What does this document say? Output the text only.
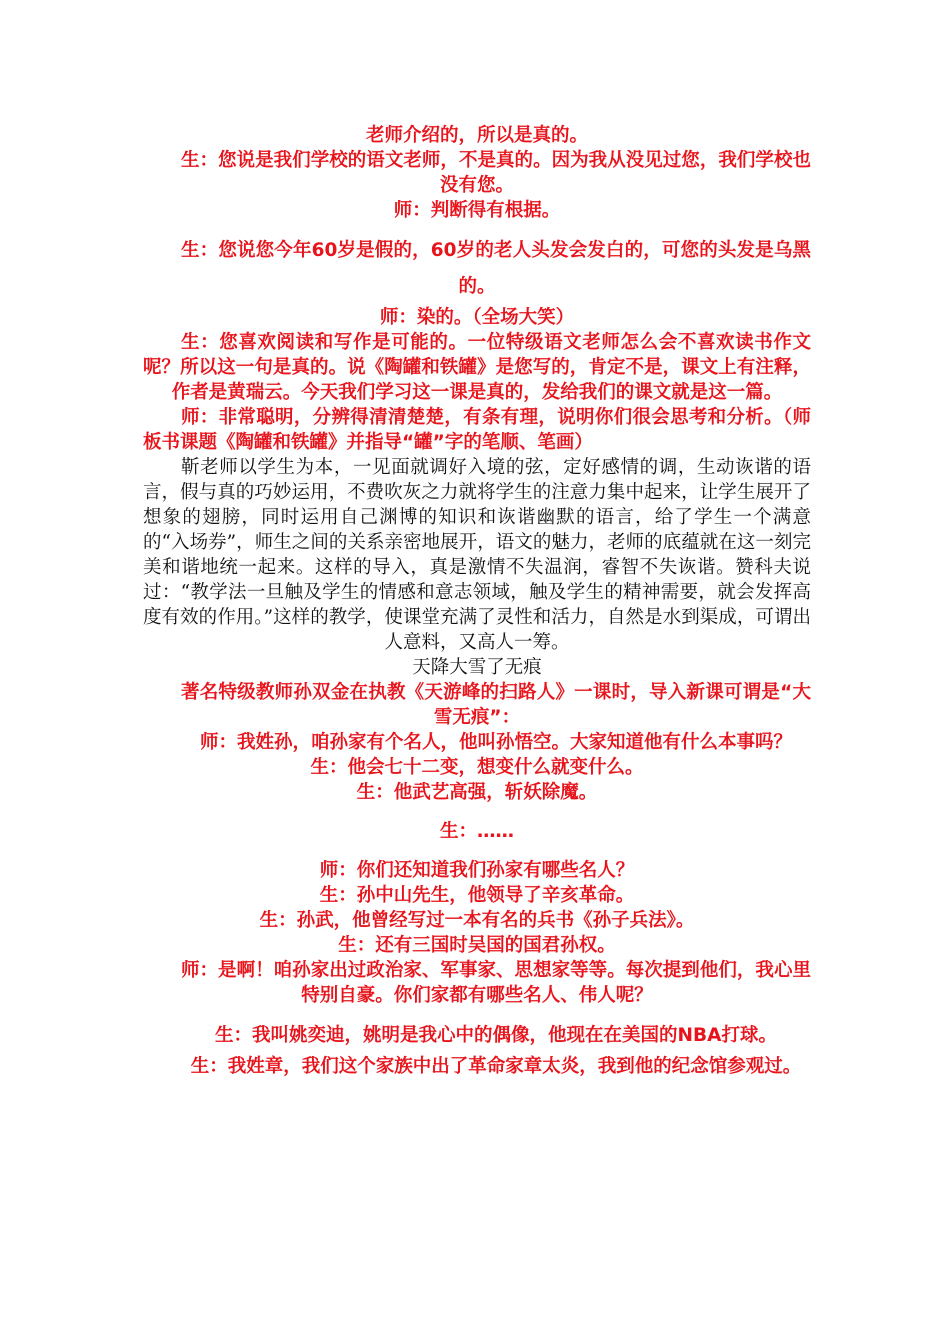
老师介绍的，所以是真的。

生：您说是我们学校的语文老师，不是真的。因为我从没见过您，我们学校也没有您。

师：判断得有根据。

生：您说您今年60岁是假的，60岁的老人头发会发白的，可您的头发是乌黑的。

师：染的。（全场大笑）

生：您喜欢阅读和写作是可能的。一位特级语文老师怎么会不喜欢读书作文呢？所以这一句是真的。说《陶罐和铁罐》是您写的，肯定不是，课文上有注释，作者是黄瑞云。今天我们学习这一课是真的，发给我们的课文就是这一篇。

师：非常聪明，分辨得清清楚楚，有条有理，说明你们很会思考和分析。（师板书课题《陶罐和铁罐》并指导“罐”字的笔顺、笔画）

靳老师以学生为本，一见面就调好入境的弦，定好感情的调，生动诙谐的语言，假与真的巧妙运用，不费吹灰之力就将学生的注意力集中起来，让学生展开了想象的翅膀，同时运用自己渊博的知识和诙谐幽默的语言，给了学生一个满意的“入场券”，师生之间的关系亲密地展开，语文的魅力，老师的底蕴就在这一刻完美和谐地统一起来。这样的导入，真是激情不失温润，睿智不失诙谐。赞科夫说过：“教学法一旦触及学生的情感和意志领域，触及学生的精神需要，就会发挥高度有效的作用。”这样的教学，使课堂充满了灵性和活力，自然是水到渠成，可谓出人意料，又高人一筹。

天降大雪了无痕

著名特级教师孙双金在执教《天游峰的扫路人》一课时，导入新课可谓是“大雪无痕”：

师：我姓孙，咱孙家有个名人，他叫孙悟空。大家知道他有什么本事吗？

生：他会七十二变，想变什么就变什么。

生：他武艺高强，斩妖除魔。

生：……

师：你们还知道我们孙家有哪些名人？

生：孙中山先生，他领导了辛亥革命。

生：孙武，他曾经写过一本有名的兵书《孙子兵法》。

生：还有三国时吴国的国君孙权。

师：是啊！咱孙家出过政治家、军事家、思想家等等。每次提到他们，我心里特别自豪。你们家都有哪些名人、伟人呢？

生：我叫姚奕迪，姚明是我心中的偶像，他现在在美国的NBA打球。

生：我姓章，我们这个家族中出了革命家章太炎，我到他的纪念馆参观过。
